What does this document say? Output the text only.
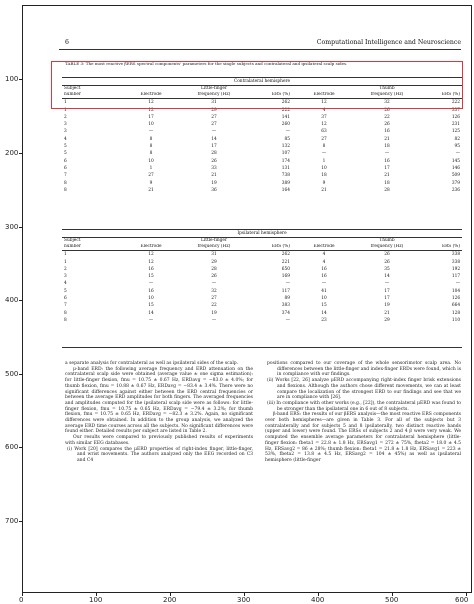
100
200
300
400
500
600
700
0	100	200	300	400	500	600
6	Computational Intelligence and Neuroscience
TABLE 3: The most reactive βERS spectral components' parameters for the single subjects and contralateral and ipsilateral scalp sides.
Contralateral hemisphere						
Subject		Little-finger			Thumb	
number	Electrode	frequency (Hz)	ERS (%)	Electrode	frequency (Hz)	ERS (%)
1	12	31	262	12	32	222
1	12	29	222	4	26	337
2	17	27	141	37	22	126
3	10	27	260	12	26	231
3	—	—	—	63	16	125
4	8	14	85	27	21	82
5	8	17	132	8	18	95
5	8	28	107	—	—	—
6	10	26	174	1	16	145
6	1	33	131	10	17	146
7	27	21	738	18	21	509
8	9	19	389	9	18	379
8	21	36	164	21	28	236
Ipsilateral hemisphere						
Subject		Little-finger			Thumb	
number	Electrode	frequency (Hz)	ERS (%)	Electrode	frequency (Hz)	ERS (%)
1	12	31	262	4	26	338
1	12	29	221	4	26	338
2	16	28	650	16	35	192
3	15	26	169	16	14	117
4	—	—	—	—	—	—
5	16	32	117	41	17	104
6	10	27	89	10	17	126
7	15	22	383	15	19	664
8	14	19	374	14	21	128
8	—	—	—	23	29	110

a separate analysis for contralateral as well as ipsilateral sides of the scalp.

μ-band ERD: the following average frequency and ERD attenuation on the contralateral scalp side were obtained (average value ± one sigma estimation): for little-finger flexion, fmu = 10.75 ± 0.67 Hz, ERDavg = −83.0 ± 4.0%; for thumb flexion, fmu = 10.88 ± 0.67 Hz, ERDavg = −83.4 ± 3.4%. There were no significant differences against either between the ERD central frequencies or between the average ERD amplitudes for both fingers. The averaged frequencies and amplitudes computed for the ipsilateral scalp side were as follows: for little-finger flexion, fmu = 10.75 ± 0.65 Hz, ERDavg = −79.4 ± 3.2%; for thumb flexion, fmu = 10.75 ± 0.65 Hz, ERDavg = −82.3 ± 3.2%. Again, no significant differences were obtained. In addition to the group analysis, we analyzed the average ERD time courses across all the subjects. No significant differences were found either. Detailed results per subject are listed in Table 2.

Our results were compared to previously published results of experiments with similar EEG databases.

(i) Work [20] compares the μERD properties of right-index finger, little-finger, and wrist movements. The authors analyzed only the EEG recorded on C3 and C4

positions compared to our coverage of the whole sensorimotor scalp area. No differences between the little-finger and index-finger ERDs were found, which is in compliance with our findings.

(ii) Works [22, 26] analyze μERD accompanying right-index finger brisk extensions and flexions. Although the authors chose different movements, we can at least compare the localization of the strongest ERD to our findings and see that we are in compliance with [26].

(iii) In compliance with other works (e.g., [22]), the contralateral μERD was found to be stronger than the ipsilateral one in 6 out of 8 subjects.

β-band ERS: the results of our βERS analysis—the most reactive ERS components over both hemispheres—are given in Table 3. For all of the subjects but 3 contralaterally and for subjects 5 and 8 ipsilaterally, two distinct reactive bands (upper and lower) were found. The ERSs of subjects 2 and 4 β were very weak. We computed the ensemble average parameters for contralateral hemisphere (little-finger flexion: fbeta1 = 22.8 ± 1.8 Hz, ERSavg1 = 272 ± 75%, fbeta2 = 18.0 ± 4.5 Hz, ERSavg2 = 86 ± 28%; thumb flexion: fbeta1 = 21.8 ± 1.8 Hz, ERSavg1 = 223 ± 53%, fbeta2 = 13.8 ± 4.5 Hz, ERSavg2 = 104 ± 45%) as well as ipsilateral hemisphere (little-finger
